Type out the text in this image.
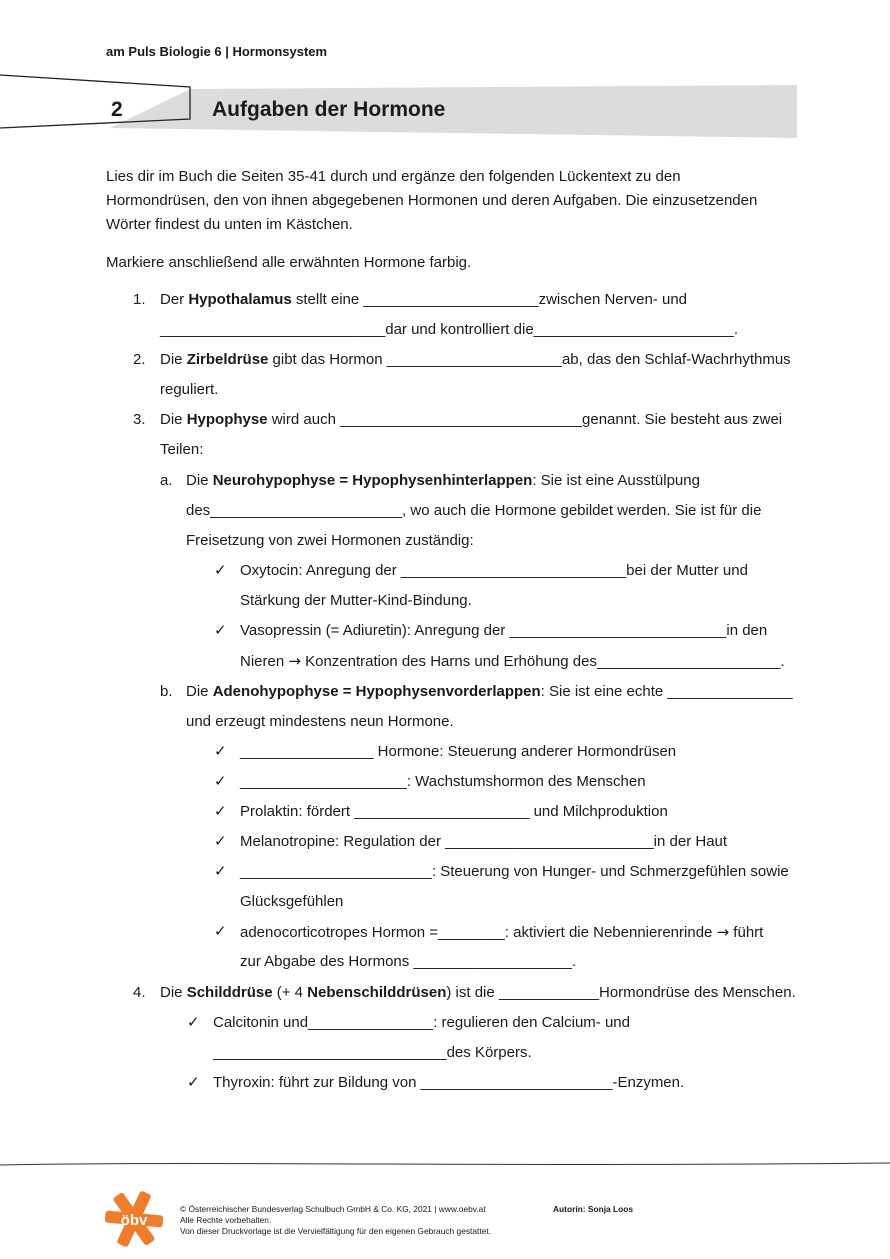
am Puls Biologie 6 | Hormonsystem
2	Aufgaben der Hormone
Lies dir im Buch die Seiten 35-41 durch und ergänze den folgenden Lückentext zu den Hormondrüsen, den von ihnen abgegebenen Hormonen und deren Aufgaben. Die einzusetzenden Wörter findest du unten im Kästchen.
Markiere anschließend alle erwähnten Hormone farbig.
1. Der Hypothalamus stellt eine _____________________zwischen Nerven- und
___________________________dar und kontrolliert die________________________.
2. Die Zirbeldrüse gibt das Hormon _____________________ab, das den Schlaf-Wachrhythmus
reguliert.
3. Die Hypophyse wird auch _____________________________genannt. Sie besteht aus zwei
Teilen:
a. Die Neurohypophyse = Hypophysenhinterlappen: Sie ist eine Ausstülpung
des_______________________, wo auch die Hormone gebildet werden. Sie ist für die
Freisetzung von zwei Hormonen zuständig:
✓ Oxytocin: Anregung der ___________________________bei der Mutter und
Stärkung der Mutter-Kind-Bindung.
✓ Vasopressin (= Adiuretin): Anregung der __________________________in den
Nieren → Konzentration des Harns und Erhöhung des______________________.
b. Die Adenohypophyse = Hypophysenvorderlappen: Sie ist eine echte _______________
und erzeugt mindestens neun Hormone.
✓ ________________ Hormone: Steuerung anderer Hormondrüsen
✓ ____________________: Wachstumshormon des Menschen
✓ Prolaktin: fördert _____________________ und Milchproduktion
✓ Melanotropine: Regulation der _________________________in der Haut
✓ _______________________: Steuerung von Hunger- und Schmerzgefühlen sowie
Glücksgefühlen
✓ adenocorticotropes Hormon =________: aktiviert die Nebennierenrinde → führt
zur Abgabe des Hormons ___________________.
4. Die Schilddrüse (+ 4 Nebenschilddrüsen) ist die ____________Hormondrüse des Menschen.
✓ Calcitonin und_______________: regulieren den Calcium- und
____________________________des Körpers.
✓ Thyroxin: führt zur Bildung von _______________________-Enzymen.
öbv
© Österreichischer Bundesverlag Schulbuch GmbH & Co. KG, 2021 | www.oebv.at
Alle Rechte vorbehalten.
Von dieser Druckvorlage ist die Vervielfältigung für den eigenen Gebrauch gestattet.
Autorin: Sonja Loos
